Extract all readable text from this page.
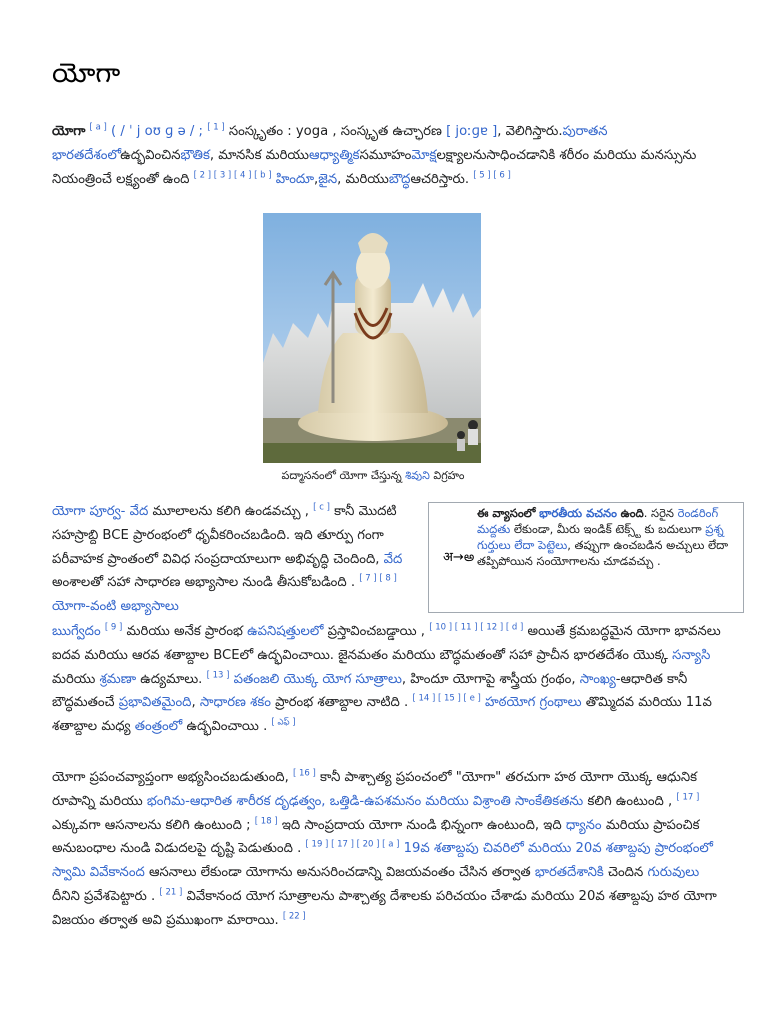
యోగా

యోగా [ a ] ( / ˈ j oʊ ɡ ə / ; [ 1 ] సంస్కృతం : yoga , సంస్కృత ఉచ్ఛారణ [ joːɡɐ ], వెలిగిస్తారు.పురాతన భారతదేశంలోఉద్భవించినభౌతిక, మానసిక మరియుఆధ్యాత్మికసమూహంమోక్షలక్ష్యాలనుసాధించడానికి శరీరం మరియు మనస్సును నియంత్రించే లక్ష్యంతో ఉంది [ 2 ] [ 3 ] [ 4 ] [ b ] హిందూ,జైన, మరియుబౌద్ధఆచరిస్తారు. [ 5 ] [ 6 ]

పద్మాసనంలో యోగా చేస్తున్న శివుని విగ్రహం
अ→అ
ఈ వ్యాసంలో భారతీయ వచనం ఉంది. సరైన రెండరింగ్ మద్దతు లేకుండా, మీరు ఇండిక్ టెక్స్ట్ కు బదులుగా ప్రశ్న గుర్తులు లేదా పెట్టెలు, తప్పుగా ఉంచబడిన అచ్చులు లేదా తప్పిపోయిన సంయోగాలను చూడవచ్చు .

యోగా పూర్వ- వేద మూలాలను కలిగి ఉండవచ్చు , [ c ] కానీ మొదటి సహస్రాబ్ది BCE ప్రారంభంలో ధృవీకరించబడింది. ఇది తూర్పు గంగా పరీవాహక ప్రాంతంలో వివిధ సంప్రదాయాలుగా అభివృద్ధి చెందింది, వేద అంశాలతో సహా సాధారణ అభ్యాసాల నుండి తీసుకోబడింది . [ 7 ] [ 8 ] యోగా-వంటి అభ్యాసాలు

ఋగ్వేదం [ 9 ] మరియు అనేక ప్రారంభ ఉపనిషత్తులలో ప్రస్తావించబడ్డాయి , [ 10 ] [ 11 ] [ 12 ] [ d ] అయితే క్రమబద్ధమైన యోగా భావనలు ఐదవ మరియు ఆరవ శతాబ్దాల BCEలో ఉద్భవించాయి. జైనమతం మరియు బౌద్ధమతంతో సహా ప్రాచీన భారతదేశం యొక్క సన్యాసి మరియు శ్రమణా ఉద్యమాలు. [ 13 ] పతంజలి యొక్క యోగ సూత్రాలు, హిందూ యోగాపై శాస్త్రీయ గ్రంథం, సాంఖ్య-ఆధారిత కానీ బౌద్ధమతంచే ప్రభావితమైంది, సాధారణ శకం ప్రారంభ శతాబ్దాల నాటిది . [ 14 ] [ 15 ] [ e ] హఠయోగ గ్రంథాలు తొమ్మిదవ మరియు 11వ శతాబ్దాల మధ్య తంత్రంలో ఉద్భవించాయి . [ ఎఫ్ ]

యోగా ప్రపంచవ్యాప్తంగా అభ్యసించబడుతుంది, [ 16 ] కానీ పాశ్చాత్య ప్రపంచంలో "యోగా" తరచుగా హఠ యోగా యొక్క ఆధునిక రూపాన్ని మరియు భంగిమ-ఆధారిత శారీరక దృఢత్వం, ఒత్తిడి-ఉపశమనం మరియు విశ్రాంతి సాంకేతికతను కలిగి ఉంటుంది , [ 17 ] ఎక్కువగా ఆసనాలను కలిగి ఉంటుంది ; [ 18 ] ఇది సాంప్రదాయ యోగా నుండి భిన్నంగా ఉంటుంది, ఇది ధ్యానం మరియు ప్రాపంచిక అనుబంధాల నుండి విడుదలపై దృష్టి పెడుతుంది . [ 19 ] [ 17 ] [ 20 ] [ a ] 19వ శతాబ్దపు చివరిలో మరియు 20వ శతాబ్దపు ప్రారంభంలో స్వామి వివేకానంద ఆసనాలు లేకుండా యోగాను అనుసరించడాన్ని విజయవంతం చేసిన తర్వాత భారతదేశానికి చెందిన గురువులు దీనిని ప్రవేశపెట్టారు . [ 21 ] వివేకానంద యోగ సూత్రాలను పాశ్చాత్య దేశాలకు పరిచయం చేశాడు మరియు 20వ శతాబ్దపు హఠ యోగా విజయం తర్వాత అవి ప్రముఖంగా మారాయి. [ 22 ]
